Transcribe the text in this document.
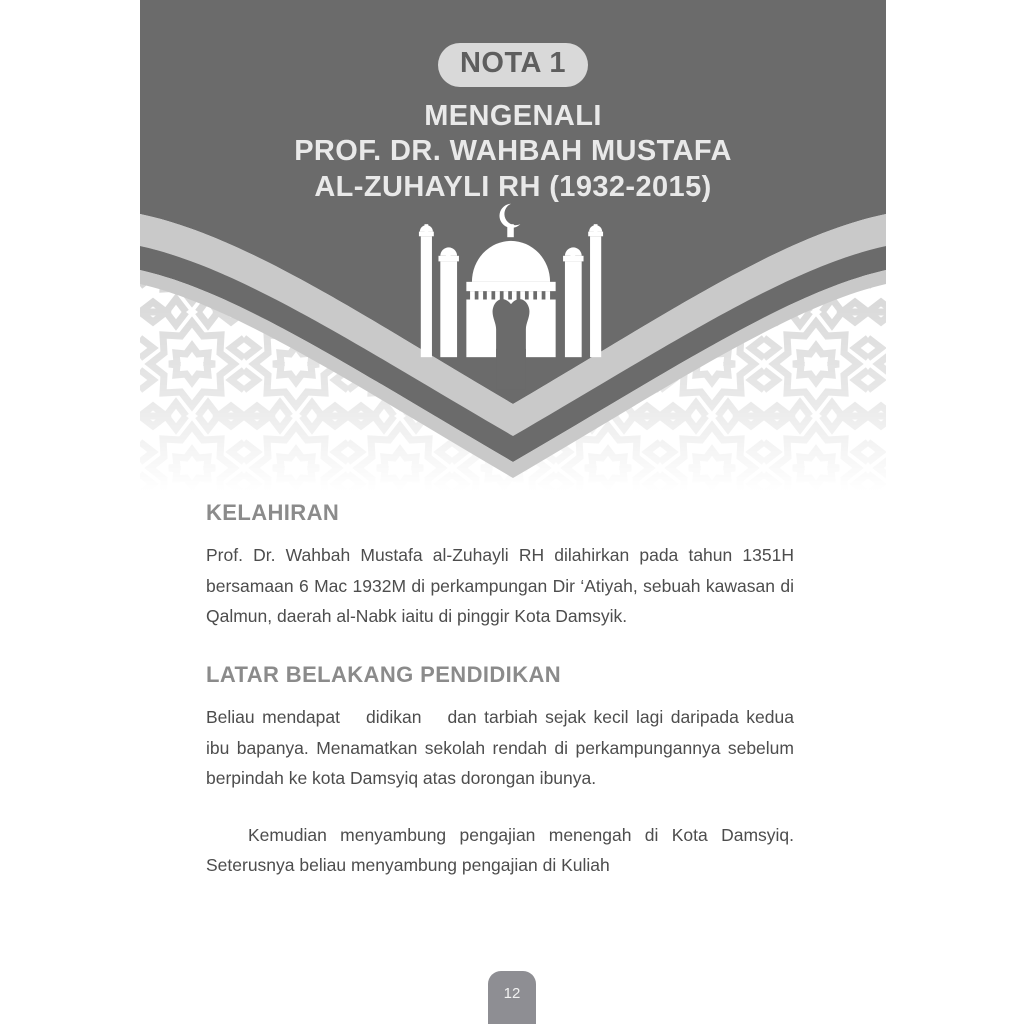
NOTA 1
MENGENALI
PROF. DR. WAHBAH MUSTAFA
AL-ZUHAYLI RH (1932-2015)
KELAHIRAN

Prof. Dr. Wahbah Mustafa al-Zuhayli RH dilahirkan pada tahun 1351H bersamaan 6 Mac 1932M di perkampungan Dir ‘Atiyah, sebuah kawasan di Qalmun, daerah al-Nabk iaitu di pinggir Kota Damsyik.

LATAR BELAKANG PENDIDIKAN

Beliau mendapat didikan dan tarbiah sejak kecil lagi daripada kedua ibu bapanya. Menamatkan sekolah rendah di perkampungannya sebelum berpindah ke kota Damsyiq atas dorongan ibunya.

Kemudian menyambung pengajian menengah di Kota Damsyiq. Seterusnya beliau menyambung pengajian di Kuliah

12
